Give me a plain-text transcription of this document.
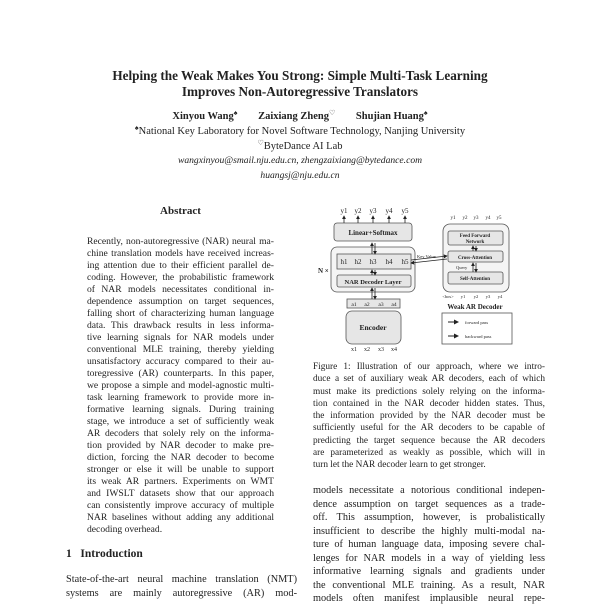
Helping the Weak Makes You Strong: Simple Multi-Task Learning
Improves Non-Autoregressive Translators
Xinyou Wang♠ Zaixiang Zheng♡ Shujian Huang♠
♠National Key Laboratory for Novel Software Technology, Nanjing University
♡ByteDance AI Lab
wangxinyou@smail.nju.edu.cn, zhengzaixiang@bytedance.com
huangsj@nju.edu.cn
Abstract
Recently, non-autoregressive (NAR) neural ma-
chine translation models have received increas-
ing attention due to their efficient parallel de-
coding. However, the probabilistic framework
of NAR models necessitates conditional in-
dependence assumption on target sequences,
falling short of characterizing human language
data. This drawback results in less informa-
tive learning signals for NAR models under
conventional MLE training, thereby yielding
unsatisfactory accuracy compared to their au-
toregressive (AR) counterparts. In this paper,
we propose a simple and model-agnostic multi-
task learning framework to provide more in-
formative learning signals. During training
stage, we introduce a set of sufficiently weak
AR decoders that solely rely on the informa-
tion provided by NAR decoder to make pre-
diction, forcing the NAR decoder to become
stronger or else it will be unable to support
its weak AR partners. Experiments on WMT
and IWSLT datasets show that our approach
can consistently improve accuracy of multiple
NAR baselines without adding any additional
decoding overhead.
1 Introduction
State-of-the-art neural machine translation (NMT)
systems are mainly autoregressive (AR) mod-
y1
h1
y2
h2
y3
h3
y4
h4
y5
h5
a1
x1
a2
x2
a3
x3
a4
x4
y1 y2 y3 y4 y5
<bos> y1 y2 y3 y4
Linear+Softmax
NAR Decoder Layer
N ×
Encoder
Feed Forward
Network
Cross-Attention
Self-Attention
Key Value
Query
Weak AR Decoder
forward pass
backward pass
Figure 1: Illustration of our approach, where we intro-
duce a set of auxiliary weak AR decoders, each of which
must make its predictions solely relying on the informa-
tion contained in the NAR decoder hidden states. Thus,
the information provided by the NAR decoder must be
sufficiently useful for the AR decoders to be capable of
predicting the target sequence because the AR decoders
are parameterized as weakly as possible, which will in
turn let the NAR decoder learn to get stronger.
models necessitate a notorious conditional indepen-
dence assumption on target sequences as a trade-
off. This assumption, however, is probalistically
insufficient to describe the highly multi-modal na-
ture of human language data, imposing severe chal-
lenges for NAR models in a way of yielding less
informative learning signals and gradients under
the conventional MLE training. As a result, NAR
models often manifest implausible neural repe-
